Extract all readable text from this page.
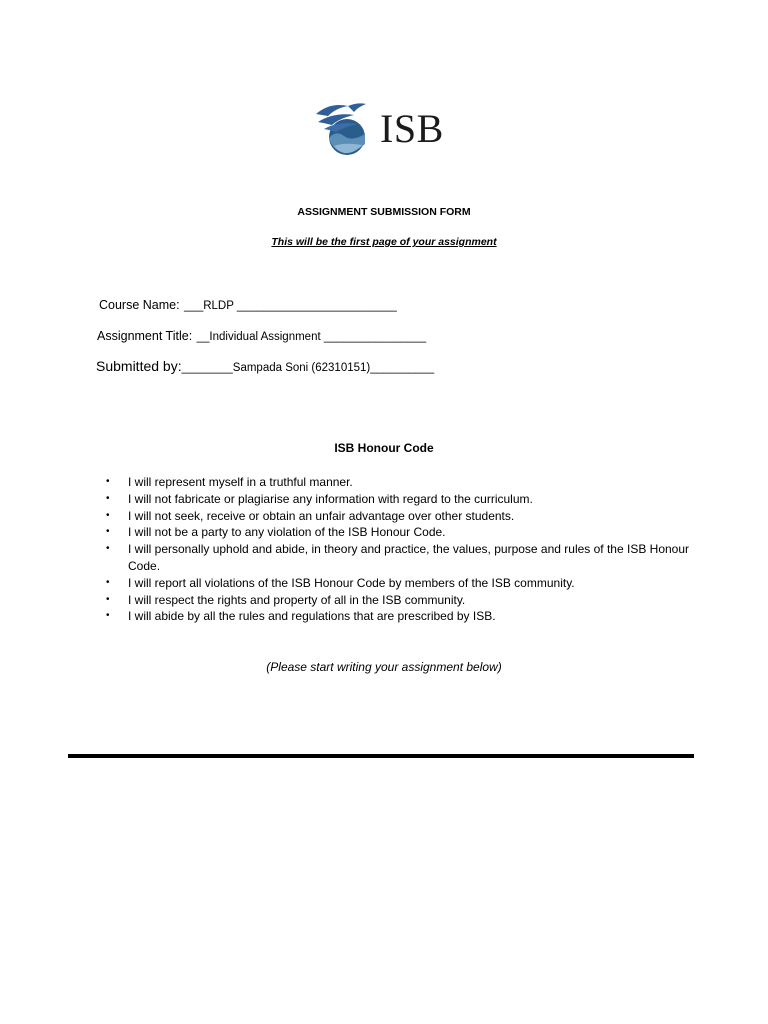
ISB
ASSIGNMENT SUBMISSION FORM
This will be the first page of your assignment
Course Name: ___RLDP _________________________
Assignment Title: __Individual Assignment ________________
Submitted by:________Sampada Soni (62310151)__________
ISB Honour Code
• I will represent myself in a truthful manner.
• I will not fabricate or plagiarise any information with regard to the curriculum.
• I will not seek, receive or obtain an unfair advantage over other students.
• I will not be a party to any violation of the ISB Honour Code.
• I will personally uphold and abide, in theory and practice, the values, purpose and rules of the ISB Honour Code.
• I will report all violations of the ISB Honour Code by members of the ISB community.
• I will respect the rights and property of all in the ISB community.
• I will abide by all the rules and regulations that are prescribed by ISB.
(Please start writing your assignment below)
